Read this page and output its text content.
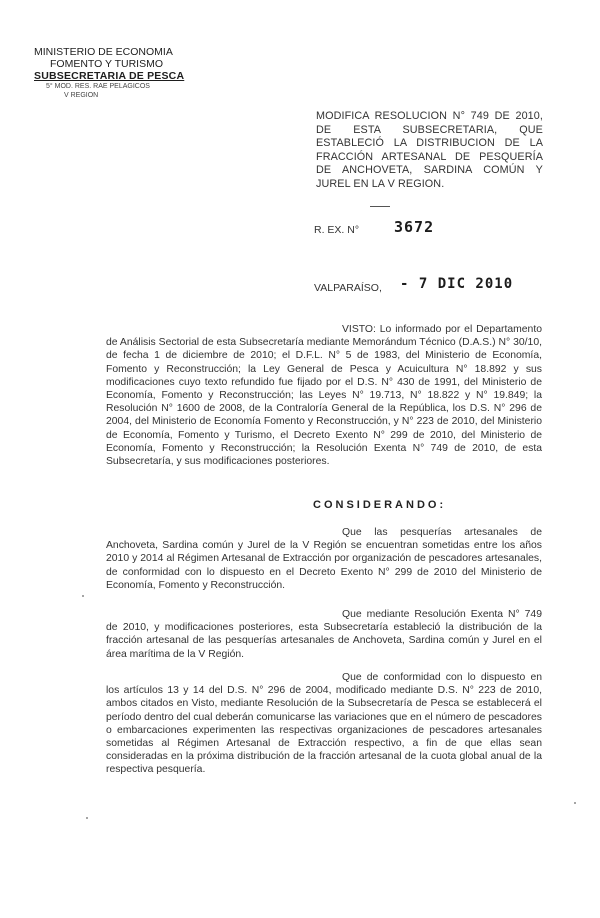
MINISTERIO DE ECONOMIA
FOMENTO Y TURISMO
SUBSECRETARIA DE PESCA
5° MOD. RES. RAE PELAGICOS
V REGION
MODIFICA RESOLUCION N° 749 DE 2010, DE ESTA SUBSECRETARIA, QUE ESTABLECIÓ LA DISTRIBUCION DE LA FRACCIÓN ARTESANAL DE PESQUERÍA DE ANCHOVETA, SARDINA COMÚN Y JUREL EN LA V REGION.
R. EX. N° 3672
VALPARAÍSO, - 7 DIC 2010
VISTO: Lo informado por el Departamento de Análisis Sectorial de esta Subsecretaría mediante Memorándum Técnico (D.A.S.) N° 30/10, de fecha 1 de diciembre de 2010; el D.F.L. N° 5 de 1983, del Ministerio de Economía, Fomento y Reconstrucción; la Ley General de Pesca y Acuicultura N° 18.892 y sus modificaciones cuyo texto refundido fue fijado por el D.S. N° 430 de 1991, del Ministerio de Economía, Fomento y Reconstrucción; las Leyes N° 19.713, N° 18.822 y N° 19.849; la Resolución N° 1600 de 2008, de la Contraloría General de la República, los D.S. N° 296 de 2004, del Ministerio de Economía Fomento y Reconstrucción, y N° 223 de 2010, del Ministerio de Economía, Fomento y Turismo, el Decreto Exento N° 299 de 2010, del Ministerio de Economía, Fomento y Reconstrucción; la Resolución Exenta N° 749 de 2010, de esta Subsecretaría, y sus modificaciones posteriores.
CONSIDERANDO:
Que las pesquerías artesanales de Anchoveta, Sardina común y Jurel de la V Región se encuentran sometidas entre los años 2010 y 2014 al Régimen Artesanal de Extracción por organización de pescadores artesanales, de conformidad con lo dispuesto en el Decreto Exento N° 299 de 2010 del Ministerio de Economía, Fomento y Reconstrucción.
Que mediante Resolución Exenta N° 749 de 2010, y modificaciones posteriores, esta Subsecretaría estableció la distribución de la fracción artesanal de las pesquerías artesanales de Anchoveta, Sardina común y Jurel en el área marítima de la V Región.
Que de conformidad con lo dispuesto en los artículos 13 y 14 del D.S. N° 296 de 2004, modificado mediante D.S. N° 223 de 2010, ambos citados en Visto, mediante Resolución de la Subsecretaría de Pesca se establecerá el período dentro del cual deberán comunicarse las variaciones que en el número de pescadores o embarcaciones experimenten las respectivas organizaciones de pescadores artesanales sometidas al Régimen Artesanal de Extracción respectivo, a fin de que ellas sean consideradas en la próxima distribución de la fracción artesanal de la cuota global anual de la respectiva pesquería.
